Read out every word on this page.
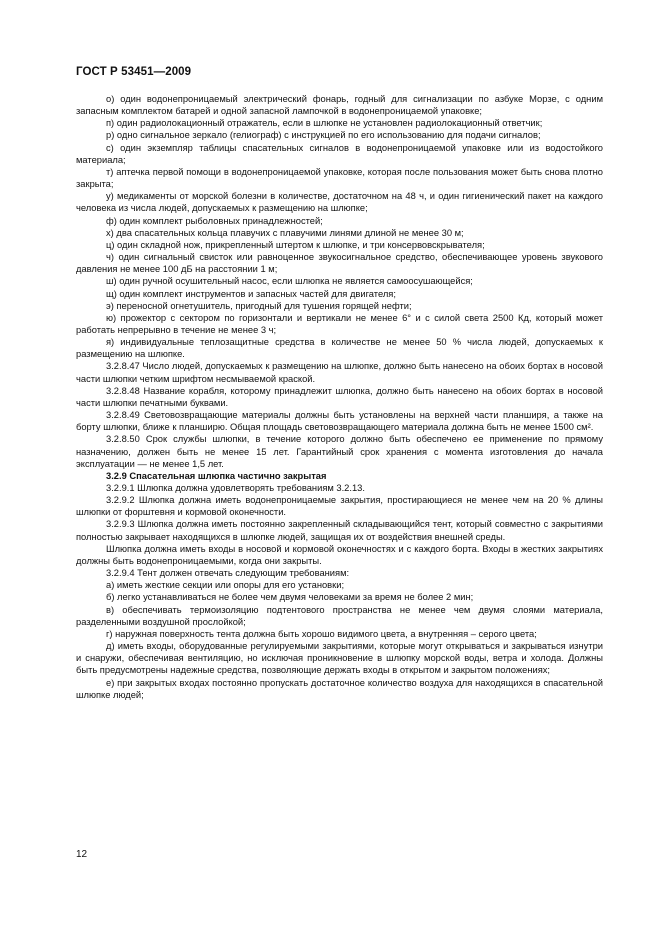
ГОСТ Р 53451—2009

о) один водонепроницаемый электрический фонарь, годный для сигнализации по азбуке Морзе, с одним запасным комплектом батарей и одной запасной лампочкой в водонепроницаемой упаковке;

п) один радиолокационный отражатель, если в шлюпке не установлен радиолокационный ответчик;

р) одно сигнальное зеркало (гелиограф) с инструкцией по его использованию для подачи сигналов;

с) один экземпляр таблицы спасательных сигналов в водонепроницаемой упаковке или из водостойкого материала;

т) аптечка первой помощи в водонепроницаемой упаковке, которая после пользования может быть снова плотно закрыта;

у) медикаменты от морской болезни в количестве, достаточном на 48 ч, и один гигиенический пакет на каждого человека из числа людей, допускаемых к размещению на шлюпке;

ф) один комплект рыболовных принадлежностей;

х) два спасательных кольца плавучих с плавучими линями длиной не менее 30 м;

ц) один складной нож, прикрепленный штертом к шлюпке, и три консервовскрывателя;

ч) один сигнальный свисток или равноценное звукосигнальное средство, обеспечивающее уровень звукового давления не менее 100 дБ на расстоянии 1 м;

ш) один ручной осушительный насос, если шлюпка не является самоосушающейся;

щ) один комплект инструментов и запасных частей для двигателя;

э) переносной огнетушитель, пригодный для тушения горящей нефти;

ю) прожектор с сектором по горизонтали и вертикали не менее 6° и с силой света 2500 Кд, который может работать непрерывно в течение не менее 3 ч;

я) индивидуальные теплозащитные средства в количестве не менее 50 % числа людей, допускаемых к размещению на шлюпке.

3.2.8.47 Число людей, допускаемых к размещению на шлюпке, должно быть нанесено на обоих бортах в носовой части шлюпки четким шрифтом несмываемой краской.

3.2.8.48 Название корабля, которому принадлежит шлюпка, должно быть нанесено на обоих бортах в носовой части шлюпки печатными буквами.

3.2.8.49 Световозвращающие материалы должны быть установлены на верхней части планширя, а также на борту шлюпки, ближе к планширю. Общая площадь световозвращающего материала должна быть не менее 1500 см².

3.2.8.50 Срок службы шлюпки, в течение которого должно быть обеспечено ее применение по прямому назначению, должен быть не менее 15 лет. Гарантийный срок хранения с момента изготовления до начала эксплуатации — не менее 1,5 лет.

3.2.9 Спасательная шлюпка частично закрытая

3.2.9.1 Шлюпка должна удовлетворять требованиям 3.2.13.

3.2.9.2 Шлюпка должна иметь водонепроницаемые закрытия, простирающиеся не менее чем на 20 % длины шлюпки от форштевня и кормовой оконечности.

3.2.9.3 Шлюпка должна иметь постоянно закрепленный складывающийся тент, который совместно с закрытиями полностью закрывает находящихся в шлюпке людей, защищая их от воздействия внешней среды.

Шлюпка должна иметь входы в носовой и кормовой оконечностях и с каждого борта. Входы в жестких закрытиях должны быть водонепроницаемыми, когда они закрыты.

3.2.9.4 Тент должен отвечать следующим требованиям:

а) иметь жесткие секции или опоры для его установки;

б) легко устанавливаться не более чем двумя человеками за время не более 2 мин;

в) обеспечивать термоизоляцию подтентового пространства не менее чем двумя слоями материала, разделенными воздушной прослойкой;

г) наружная поверхность тента должна быть хорошо видимого цвета, а внутренняя – серого цвета;

д) иметь входы, оборудованные регулируемыми закрытиями, которые могут открываться и закрываться изнутри и снаружи, обеспечивая вентиляцию, но исключая проникновение в шлюпку морской воды, ветра и холода. Должны быть предусмотрены надежные средства, позволяющие держать входы в открытом и закрытом положениях;

е) при закрытых входах постоянно пропускать достаточное количество воздуха для находящихся в спасательной шлюпке людей;

12
